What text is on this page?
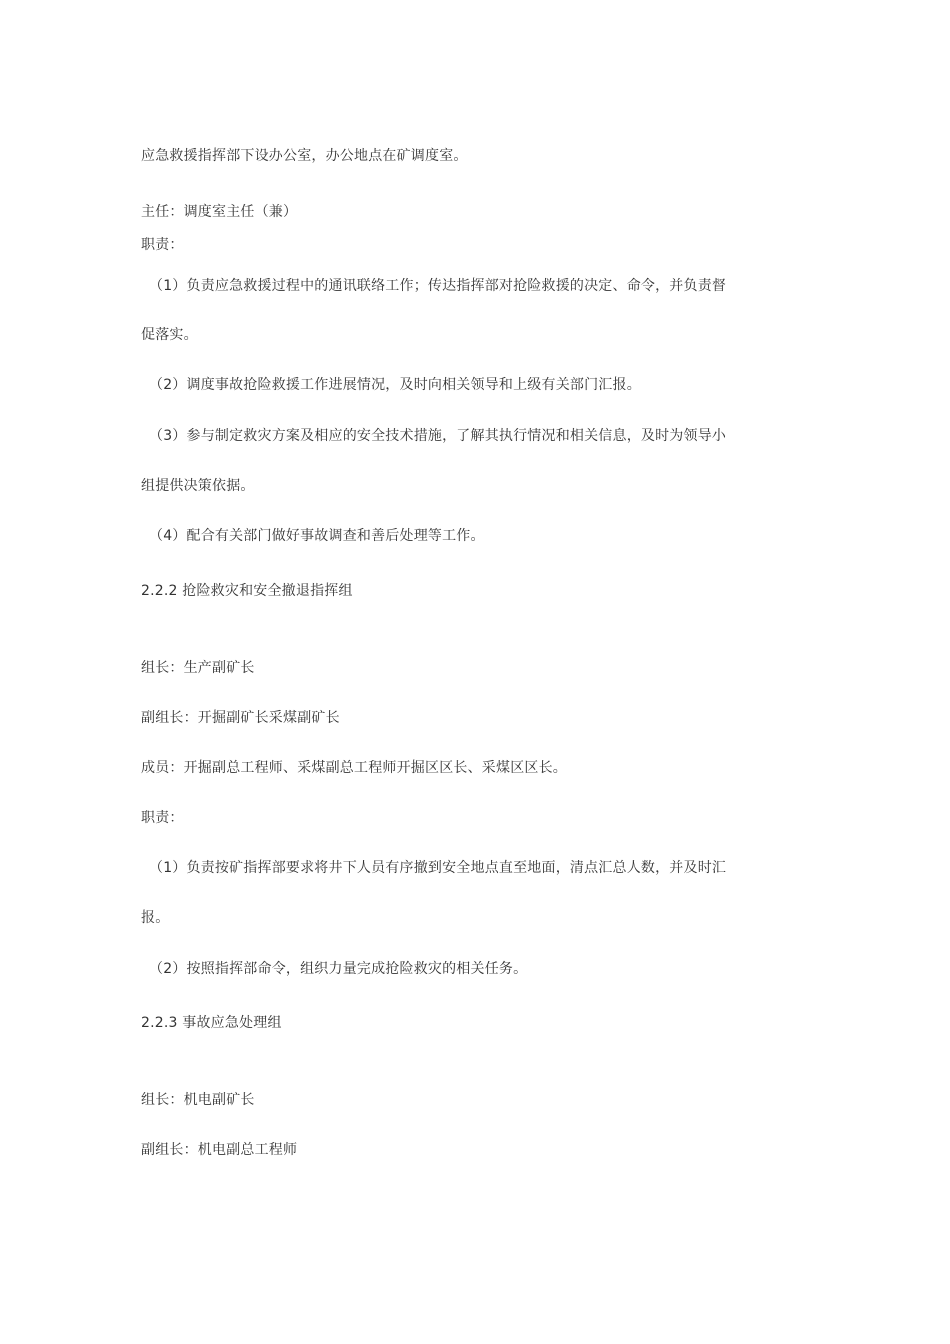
应急救援指挥部下设办公室，办公地点在矿调度室。
主任：调度室主任（兼）
职责：
（1）负责应急救援过程中的通讯联络工作；传达指挥部对抢险救援的决定、命令，并负责督
促落实。
（2）调度事故抢险救援工作进展情况，及时向相关领导和上级有关部门汇报。
（3）参与制定救灾方案及相应的安全技术措施，了解其执行情况和相关信息，及时为领导小
组提供决策依据。
（4）配合有关部门做好事故调查和善后处理等工作。
2.2.2 抢险救灾和安全撤退指挥组
组长：生产副矿长
副组长：开掘副矿长采煤副矿长
成员：开掘副总工程师、采煤副总工程师开掘区区长、采煤区区长。
职责：
（1）负责按矿指挥部要求将井下人员有序撤到安全地点直至地面，清点汇总人数，并及时汇
报。
（2）按照指挥部命令，组织力量完成抢险救灾的相关任务。
2.2.3 事故应急处理组
组长：机电副矿长
副组长：机电副总工程师
